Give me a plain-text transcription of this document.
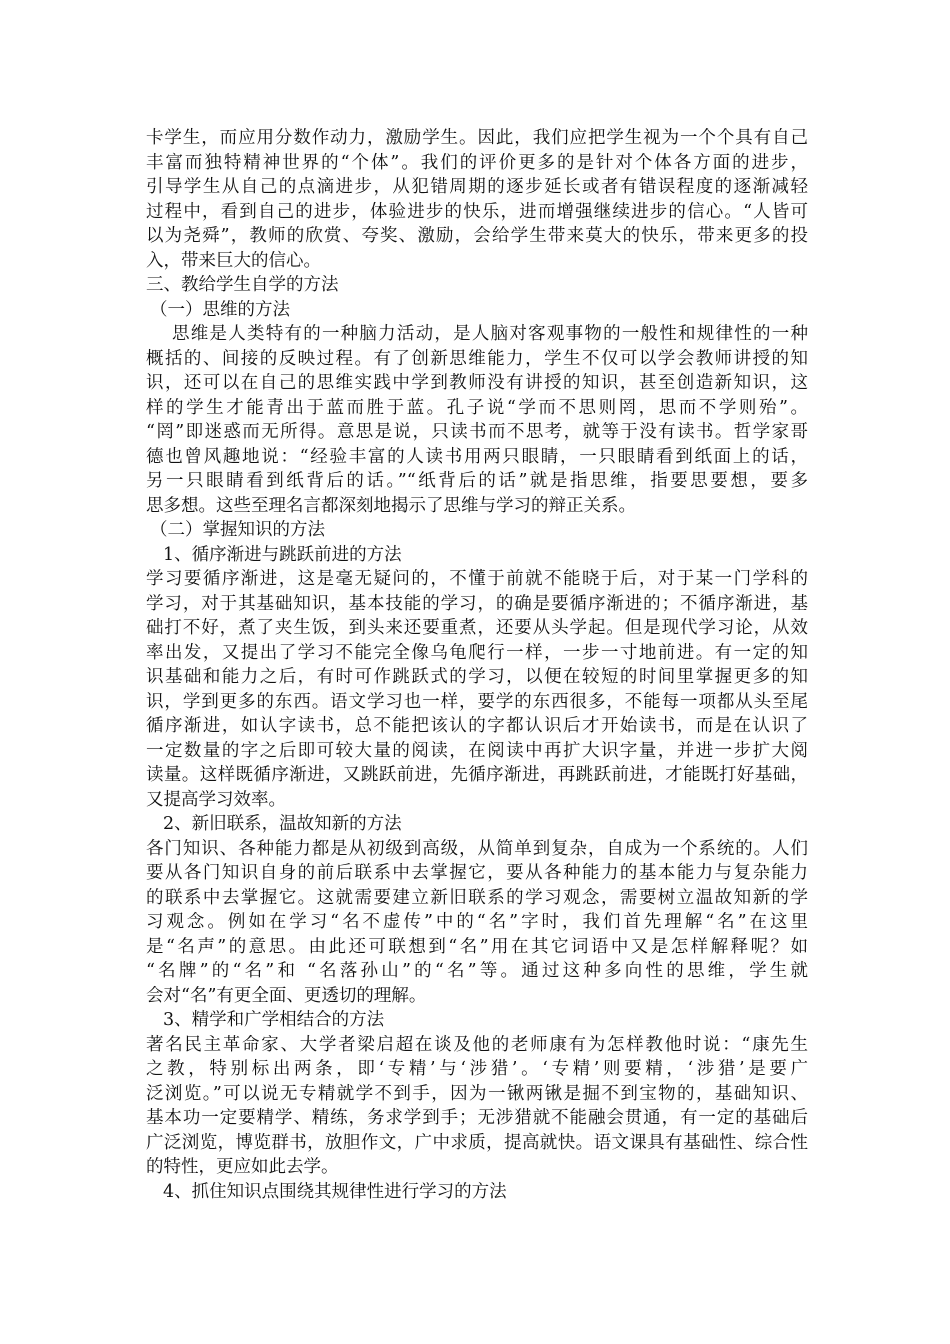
卡学生，而应用分数作动力，激励学生。因此，我们应把学生视为一个个具有自己
丰富而独特精神世界的“个体”。我们的评价更多的是针对个体各方面的进步，
引导学生从自己的点滴进步，从犯错周期的逐步延长或者有错误程度的逐渐减轻
过程中，看到自己的进步，体验进步的快乐，进而增强继续进步的信心。“人皆可
以为尧舜”，教师的欣赏、夸奖、激励，会给学生带来莫大的快乐，带来更多的投
入，带来巨大的信心。
三、教给学生自学的方法
（一）思维的方法
思维是人类特有的一种脑力活动，是人脑对客观事物的一般性和规律性的一种
概括的、间接的反映过程。有了创新思维能力，学生不仅可以学会教师讲授的知
识，还可以在自己的思维实践中学到教师没有讲授的知识，甚至创造新知识，这
样的学生才能青出于蓝而胜于蓝。孔子说“学而不思则罔，思而不学则殆”。
“罔”即迷惑而无所得。意思是说，只读书而不思考，就等于没有读书。哲学家哥
德也曾风趣地说：“经验丰富的人读书用两只眼睛，一只眼睛看到纸面上的话，
另一只眼睛看到纸背后的话。”“纸背后的话”就是指思维，指要思要想，要多
思多想。这些至理名言都深刻地揭示了思维与学习的辩正关系。
（二）掌握知识的方法
1、循序渐进与跳跃前进的方法
学习要循序渐进，这是毫无疑问的，不懂于前就不能晓于后，对于某一门学科的
学习，对于其基础知识，基本技能的学习，的确是要循序渐进的；不循序渐进，基
础打不好，煮了夹生饭，到头来还要重煮，还要从头学起。但是现代学习论，从效
率出发，又提出了学习不能完全像乌龟爬行一样，一步一寸地前进。有一定的知
识基础和能力之后，有时可作跳跃式的学习，以便在较短的时间里掌握更多的知
识，学到更多的东西。语文学习也一样，要学的东西很多，不能每一项都从头至尾
循序渐进，如认字读书，总不能把该认的字都认识后才开始读书，而是在认识了
一定数量的字之后即可较大量的阅读，在阅读中再扩大识字量，并进一步扩大阅
读量。这样既循序渐进，又跳跃前进，先循序渐进，再跳跃前进，才能既打好基础，
又提高学习效率。
2、新旧联系，温故知新的方法
各门知识、各种能力都是从初级到高级，从简单到复杂，自成为一个系统的。人们
要从各门知识自身的前后联系中去掌握它，要从各种能力的基本能力与复杂能力
的联系中去掌握它。这就需要建立新旧联系的学习观念，需要树立温故知新的学
习观念。例如在学习“名不虚传”中的“名”字时，我们首先理解“名”在这里
是“名声”的意思。由此还可联想到“名”用在其它词语中又是怎样解释呢？如
“名牌”的“名”和 “名落孙山”的“名”等。通过这种多向性的思维，学生就
会对“名”有更全面、更透切的理解。
3、精学和广学相结合的方法
著名民主革命家、大学者梁启超在谈及他的老师康有为怎样教他时说：“康先生
之教，特别标出两条，即‘专精’与‘涉猎’。‘专精’则要精，‘涉猎’是要广
泛浏览。”可以说无专精就学不到手，因为一锹两锹是掘不到宝物的，基础知识、
基本功一定要精学、精练，务求学到手；无涉猎就不能融会贯通，有一定的基础后
广泛浏览，博览群书，放胆作文，广中求质，提高就快。语文课具有基础性、综合性
的特性，更应如此去学。
4、抓住知识点围绕其规律性进行学习的方法
